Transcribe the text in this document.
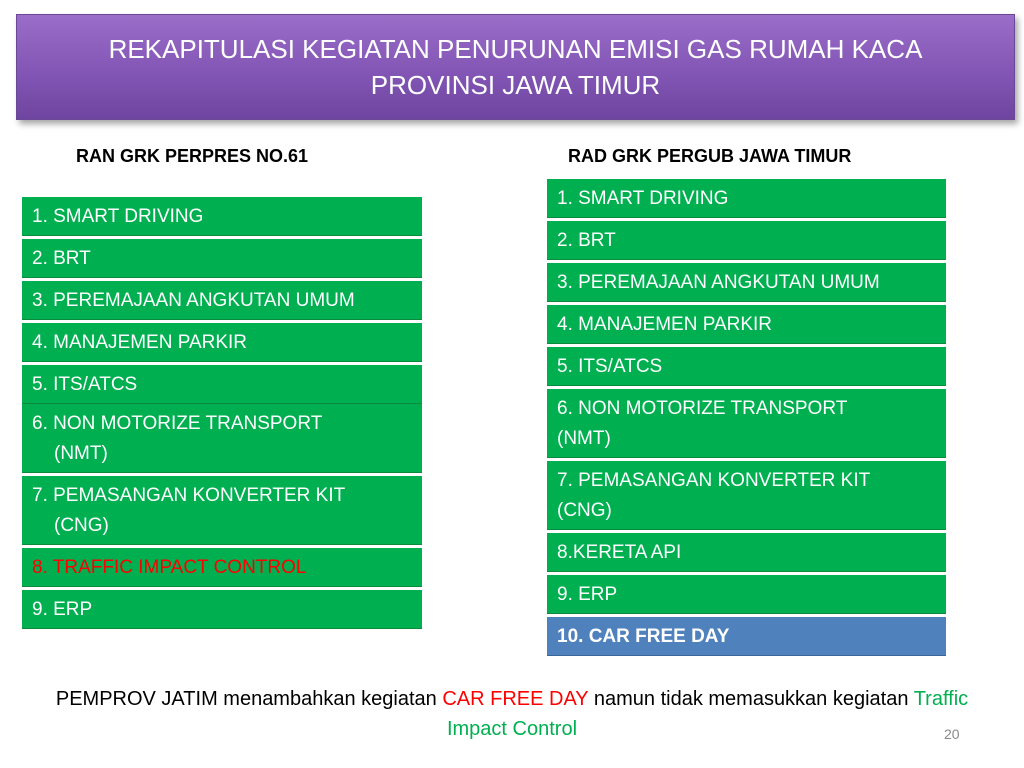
REKAPITULASI KEGIATAN PENURUNAN EMISI GAS RUMAH KACA
PROVINSI JAWA TIMUR
RAN GRK PERPRES NO.61	RAD GRK PERGUB JAWA TIMUR
1. SMART DRIVING
2. BRT
3. PEREMAJAAN ANGKUTAN UMUM
4. MANAJEMEN PARKIR
5. ITS/ATCS
6. NON MOTORIZE TRANSPORT (NMT)
7. PEMASANGAN KONVERTER KIT (CNG)
8. TRAFFIC IMPACT CONTROL
9. ERP
1. SMART DRIVING
2. BRT
3. PEREMAJAAN ANGKUTAN UMUM
4. MANAJEMEN PARKIR
5. ITS/ATCS
6. NON MOTORIZE TRANSPORT (NMT)
7. PEMASANGAN KONVERTER KIT (CNG)
8.KERETA API
9. ERP
10. CAR FREE DAY
PEMPROV JATIM menambahkan kegiatan CAR FREE DAY namun tidak memasukkan kegiatan Traffic Impact Control	20
